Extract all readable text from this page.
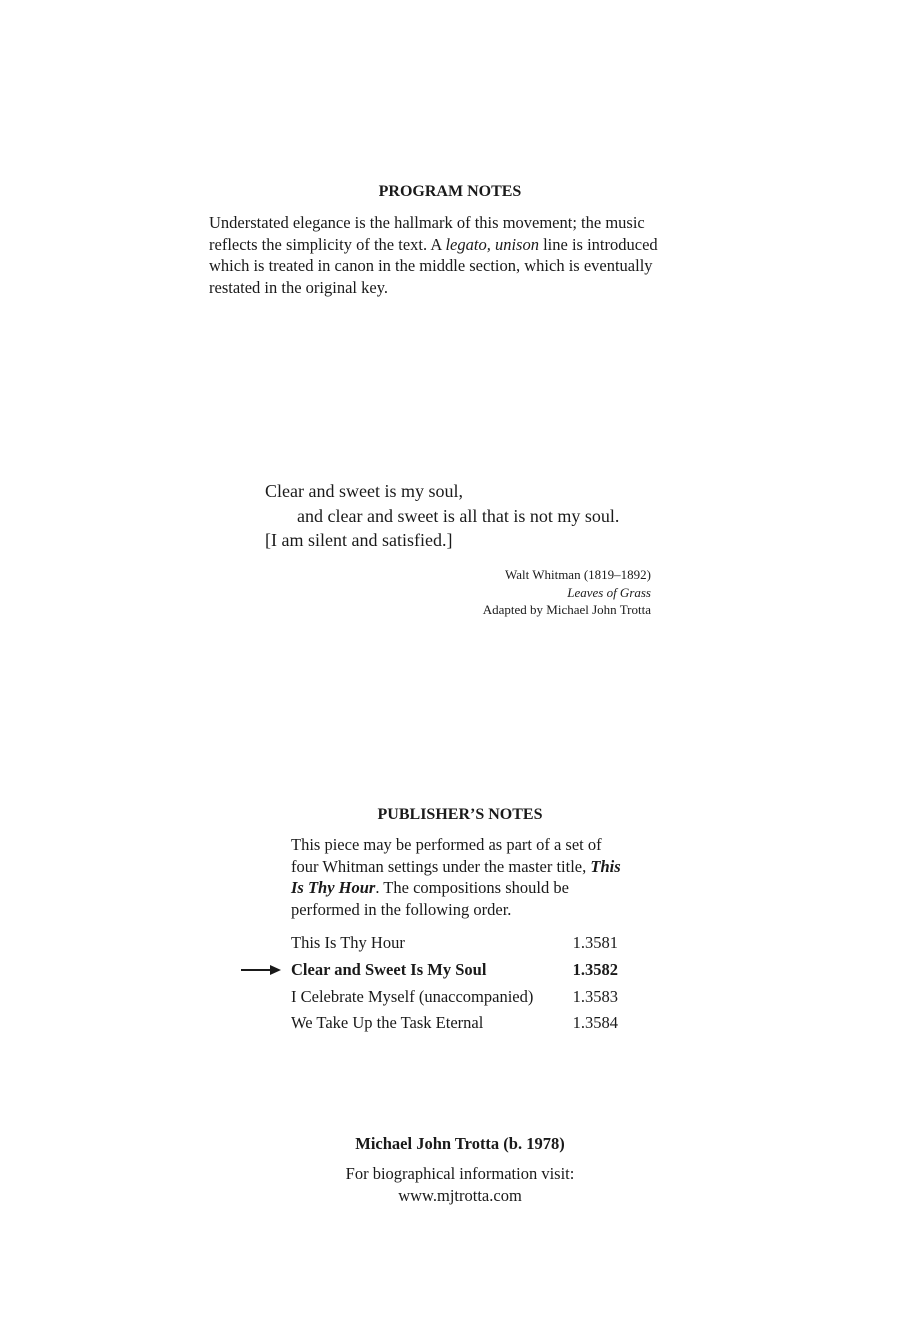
PROGRAM NOTES
Understated elegance is the hallmark of this movement; the music reflects the simplicity of the text. A legato, unison line is introduced which is treated in canon in the middle section, which is eventually restated in the original key.
Clear and sweet is my soul,
and clear and sweet is all that is not my soul.
[I am silent and satisfied.]
Walt Whitman (1819–1892)
Leaves of Grass
Adapted by Michael John Trotta
PUBLISHER’S NOTES
This piece may be performed as part of a set of four Whitman settings under the master title, This Is Thy Hour. The compositions should be performed in the following order.
This Is Thy Hour	1.3581
Clear and Sweet Is My Soul	1.3582
I Celebrate Myself (unaccompanied) 1.3583
We Take Up the Task Eternal	1.3584
Michael John Trotta (b. 1978)
For biographical information visit:
www.mjtrotta.com
